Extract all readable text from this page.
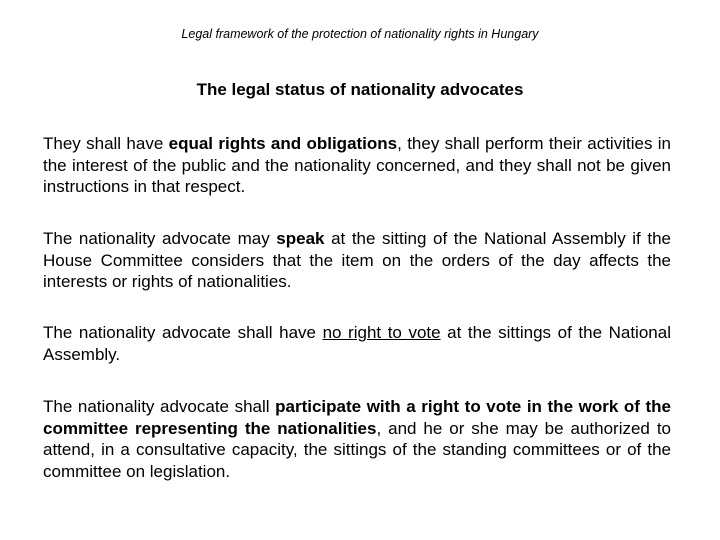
Legal framework of the protection of nationality rights in Hungary
The legal status of nationality advocates

They shall have equal rights and obligations, they shall perform their activities in the interest of the public and the nationality concerned, and they shall not be given instructions in that respect.

The nationality advocate may speak at the sitting of the National Assembly if the House Committee considers that the item on the orders of the day affects the interests or rights of nationalities.

The nationality advocate shall have no right to vote at the sittings of the National Assembly.

The nationality advocate shall participate with a right to vote in the work of the committee representing the nationalities, and he or she may be authorized to attend, in a consultative capacity, the sittings of the standing committees or of the committee on legislation.
